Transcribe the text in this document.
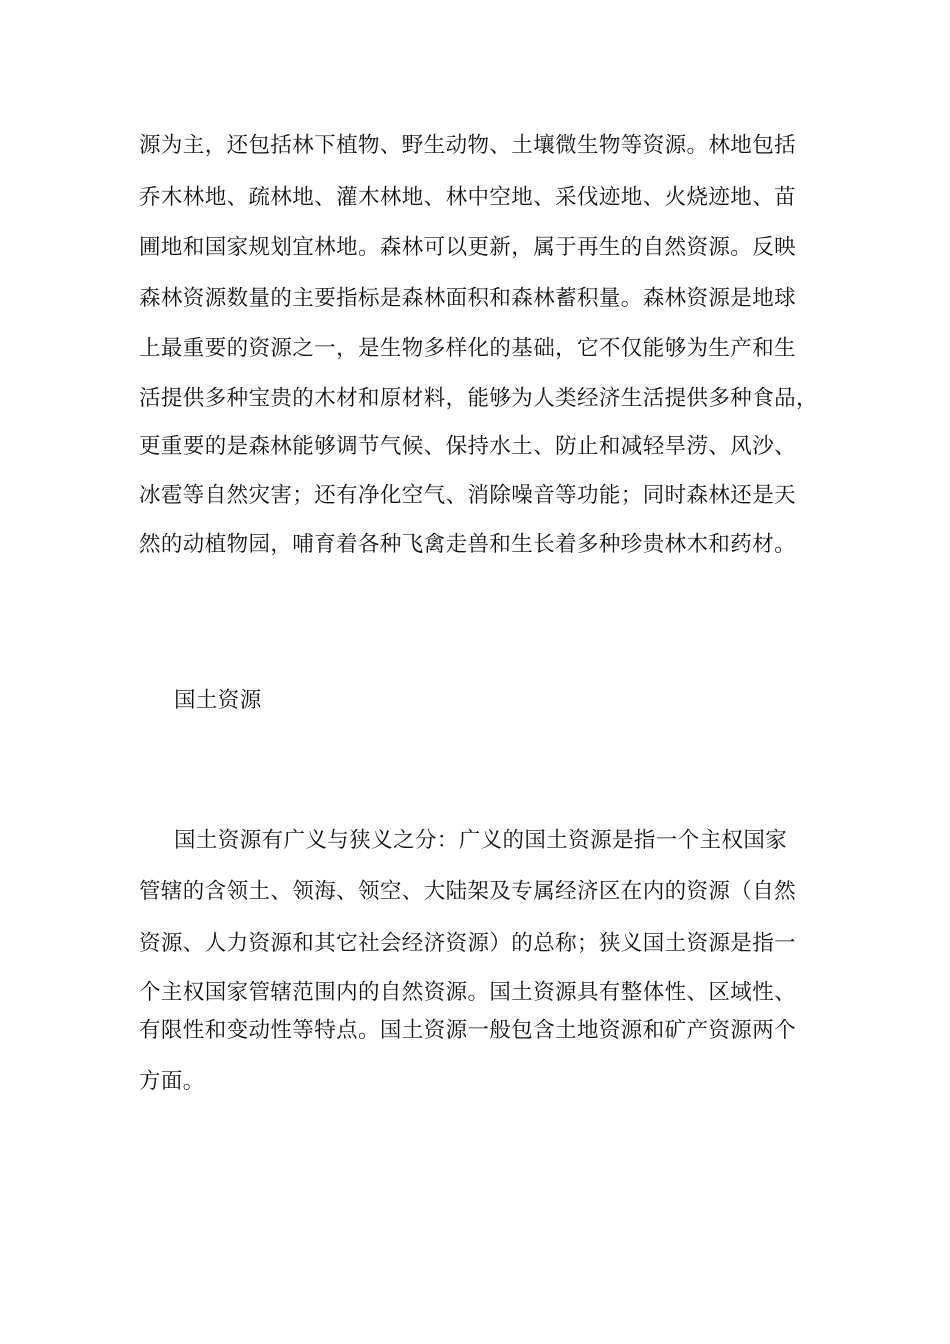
源为主，还包括林下植物、野生动物、土壤微生物等资源。林地包括
乔木林地、疏林地、灌木林地、林中空地、采伐迹地、火烧迹地、苗
圃地和国家规划宜林地。森林可以更新，属于再生的自然资源。反映
森林资源数量的主要指标是森林面积和森林蓄积量。森林资源是地球
上最重要的资源之一，是生物多样化的基础，它不仅能够为生产和生
活提供多种宝贵的木材和原材料，能够为人类经济生活提供多种食品，
更重要的是森林能够调节气候、保持水土、防止和减轻旱涝、风沙、
冰雹等自然灾害；还有净化空气、消除噪音等功能；同时森林还是天
然的动植物园，哺育着各种飞禽走兽和生长着多种珍贵林木和药材。
国土资源
国土资源有广义与狭义之分：广义的国土资源是指一个主权国家
管辖的含领土、领海、领空、大陆架及专属经济区在内的资源（自然
资源、人力资源和其它社会经济资源）的总称；狭义国土资源是指一
个主权国家管辖范围内的自然资源。国土资源具有整体性、区域性、
有限性和变动性等特点。国土资源一般包含土地资源和矿产资源两个
方面。
